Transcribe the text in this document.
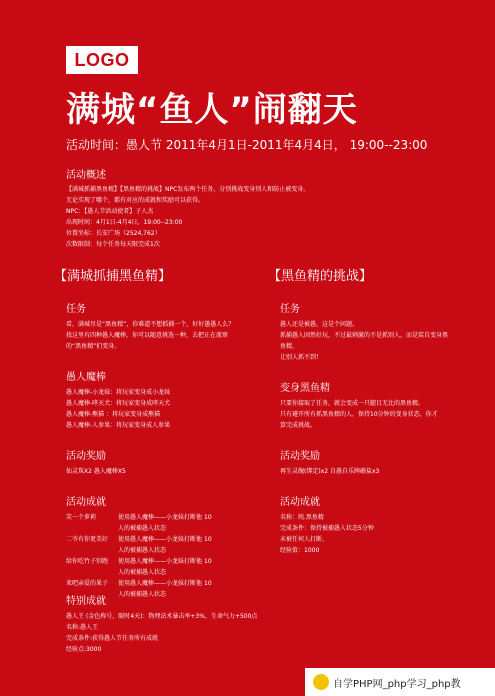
LOGO
满城“鱼人”闹翻天
活动时间：愚人节 2011年4月1日-2011年4月4日， 19:00--23:00
活动概述
【满城抓捕黑鱼精】【黑鱼精的挑战】NPC发布两个任务，分别挑战变身别人和防止被变身。
无论实现了哪个，都有对应的成就和奖励可以获得。
NPC：【愚人节活动使者】子人杰
出现时间：4月1日-4月4日，19:00--23:00
位置坐标：长安广场（2524,762）
次数限制：每个任务每天限完成1次
【满城抓捕黑鱼精】
任务
看，满城尽是“黑鱼精”，你难道不想抓捕一个，好好愚愚人么？
找这里有四种愚人魔棒，你可以随意挑选一种，去把正在流窜的“黑鱼精”们变身。
愚人魔棒
愚人魔棒-小龙妹：将玩家变身成小龙妹
愚人魔棒-哮天犬：将玩家变身成哮天犬
愚人魔棒-熊猫 ：将玩家变身成熊猫
愚人魔棒-人参果：将玩家变身成人参果
活动奖励
仙灵珠X2 愚人魔棒X5
活动成就
笑一个萝莉	使用愚人魔棒——小龙妹打断他人的被捕愚人状态
10
二爷有你更美好	使用愚人魔棒——小龙妹打断他人的被捕愚人状态
10
给你吃竹子别跑	使用愚人魔棒——小龙妹打断他人的被捕愚人状态
10
来吧亲爱的果子	使用愚人魔棒——小龙妹打断他人的被捕愚人状态
10
【黑鱼精的挑战】
任务
愚人还是被愚，这是个问题。
抓捕愚人固然好玩，不过最刺激的不是抓别人，而是装自变身黑鱼精，
让别人抓不到！
变身黑鱼精
只要你接取了任务，就会变成一只腿目无比的黑鱼精。
只有避开所有抓黑鱼精的人，保持10分钟的变身状态，你才算完成挑战。
活动奖励
再生灵魄(绑定)x2 自愚自乐牌礁盐x3
活动成就
名称：纯.黑鱼精
完成条件：保持被捕愚人状态5分钟
未被任何人打断。
经验值：1000
特别成就
愚人王 (金色称号，限时4天)：物理法术暴击率+3%，生命气力+500点
名称:愚人王
完成条件:获得愚人节任务所有成就
经验点:3000
自学PHP网_php学习_php教
